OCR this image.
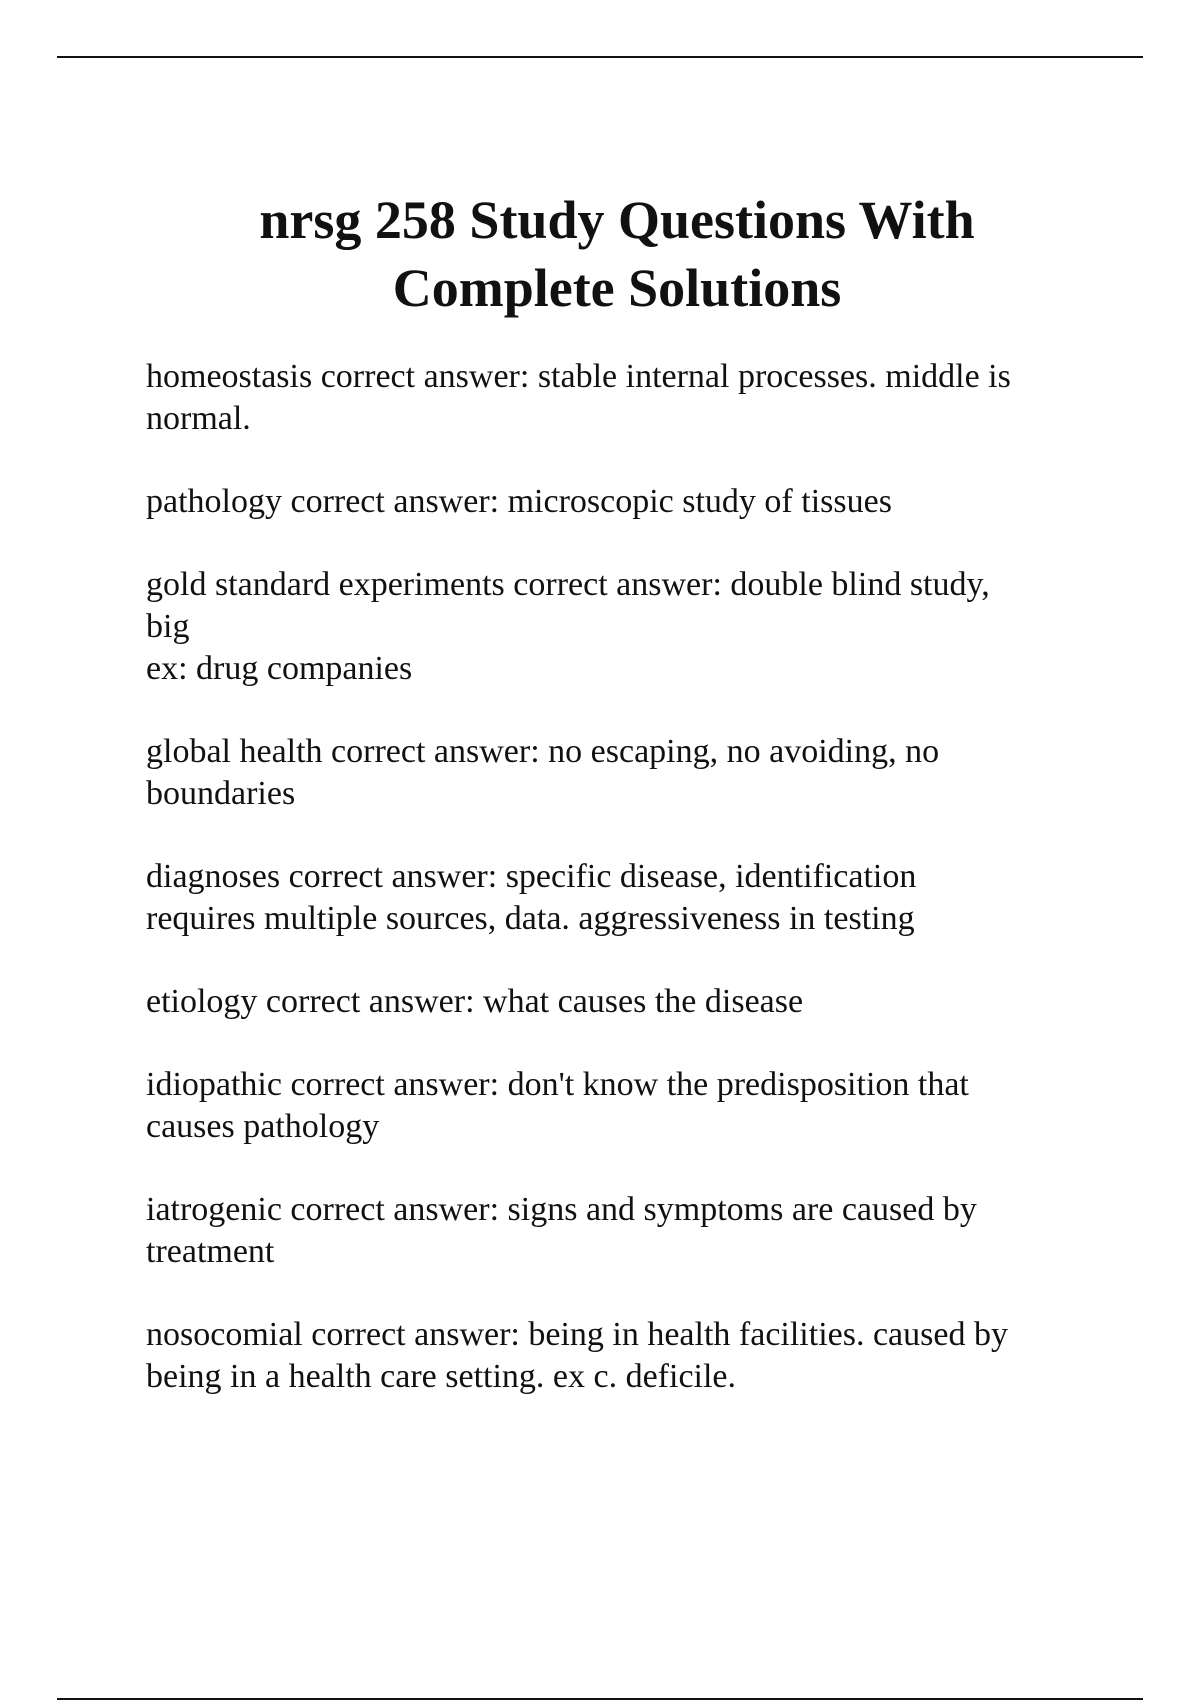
nrsg 258 Study Questions With
Complete Solutions
homeostasis correct answer: stable internal processes. middle is
normal.
pathology correct answer: microscopic study of tissues
gold standard experiments correct answer: double blind study,
big
ex: drug companies
global health correct answer: no escaping, no avoiding, no
boundaries
diagnoses correct answer: specific disease, identification
requires multiple sources, data. aggressiveness in testing
etiology correct answer: what causes the disease
idiopathic correct answer: don't know the predisposition that
causes pathology
iatrogenic correct answer: signs and symptoms are caused by
treatment
nosocomial correct answer: being in health facilities. caused by
being in a health care setting. ex c. deficile.
